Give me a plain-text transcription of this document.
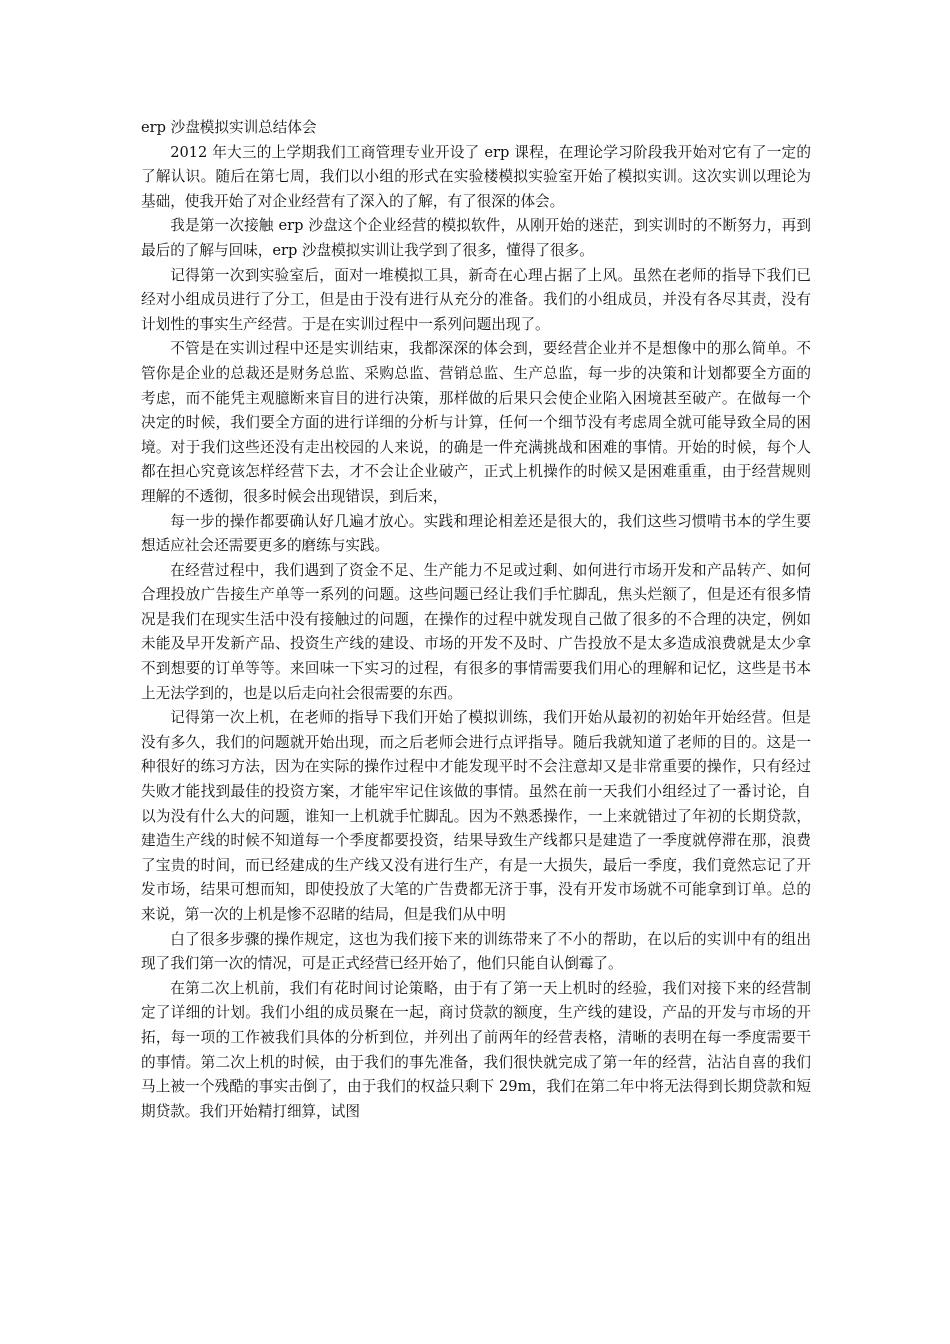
erp 沙盘模拟实训总结体会

2012 年大三的上学期我们工商管理专业开设了 erp 课程，在理论学习阶段我开始对它有了一定的了解认识。随后在第七周，我们以小组的形式在实验楼模拟实验室开始了模拟实训。这次实训以理论为基础，使我开始了对企业经营有了深入的了解，有了很深的体会。

我是第一次接触 erp 沙盘这个企业经营的模拟软件，从刚开始的迷茫，到实训时的不断努力，再到最后的了解与回味，erp 沙盘模拟实训让我学到了很多，懂得了很多。

记得第一次到实验室后，面对一堆模拟工具，新奇在心理占据了上风。虽然在老师的指导下我们已经对小组成员进行了分工，但是由于没有进行从充分的准备。我们的小组成员，并没有各尽其责，没有计划性的事实生产经营。于是在实训过程中一系列问题出现了。

不管是在实训过程中还是实训结束，我都深深的体会到，要经营企业并不是想像中的那么简单。不管你是企业的总裁还是财务总监、采购总监、营销总监、生产总监，每一步的决策和计划都要全方面的考虑，而不能凭主观臆断来盲目的进行决策，那样做的后果只会使企业陷入困境甚至破产。在做每一个决定的时候，我们要全方面的进行详细的分析与计算，任何一个细节没有考虑周全就可能导致全局的困境。对于我们这些还没有走出校园的人来说，的确是一件充满挑战和困难的事情。开始的时候，每个人都在担心究竟该怎样经营下去，才不会让企业破产，正式上机操作的时候又是困难重重，由于经营规则理解的不透彻，很多时候会出现错误，到后来，

每一步的操作都要确认好几遍才放心。实践和理论相差还是很大的，我们这些习惯啃书本的学生要想适应社会还需要更多的磨练与实践。

在经营过程中，我们遇到了资金不足、生产能力不足或过剩、如何进行市场开发和产品转产、如何合理投放广告接生产单等一系列的问题。这些问题已经让我们手忙脚乱，焦头烂额了，但是还有很多情况是我们在现实生活中没有接触过的问题，在操作的过程中就发现自己做了很多的不合理的决定，例如未能及早开发新产品、投资生产线的建设、市场的开发不及时、广告投放不是太多造成浪费就是太少拿不到想要的订单等等。来回味一下实习的过程，有很多的事情需要我们用心的理解和记忆，这些是书本上无法学到的，也是以后走向社会很需要的东西。

记得第一次上机，在老师的指导下我们开始了模拟训练，我们开始从最初的初始年开始经营。但是没有多久，我们的问题就开始出现，而之后老师会进行点评指导。随后我就知道了老师的目的。这是一种很好的练习方法，因为在实际的操作过程中才能发现平时不会注意却又是非常重要的操作，只有经过失败才能找到最佳的投资方案，才能牢牢记住该做的事情。虽然在前一天我们小组经过了一番讨论，自以为没有什么大的问题，谁知一上机就手忙脚乱。因为不熟悉操作，一上来就错过了年初的长期贷款，建造生产线的时候不知道每一个季度都要投资，结果导致生产线都只是建造了一季度就停滞在那，浪费了宝贵的时间，而已经建成的生产线又没有进行生产，有是一大损失，最后一季度，我们竟然忘记了开发市场，结果可想而知，即使投放了大笔的广告费都无济于事，没有开发市场就不可能拿到订单。总的来说，第一次的上机是惨不忍睹的结局，但是我们从中明

白了很多步骤的操作规定，这也为我们接下来的训练带来了不小的帮助，在以后的实训中有的组出现了我们第一次的情况，可是正式经营已经开始了，他们只能自认倒霉了。

在第二次上机前，我们有花时间讨论策略，由于有了第一天上机时的经验，我们对接下来的经营制定了详细的计划。我们小组的成员聚在一起，商讨贷款的额度，生产线的建设，产品的开发与市场的开拓，每一项的工作被我们具体的分析到位，并列出了前两年的经营表格，清晰的表明在每一季度需要干的事情。第二次上机的时候，由于我们的事先准备，我们很快就完成了第一年的经营，沾沾自喜的我们马上被一个残酷的事实击倒了，由于我们的权益只剩下 29m，我们在第二年中将无法得到长期贷款和短期贷款。我们开始精打细算，试图
